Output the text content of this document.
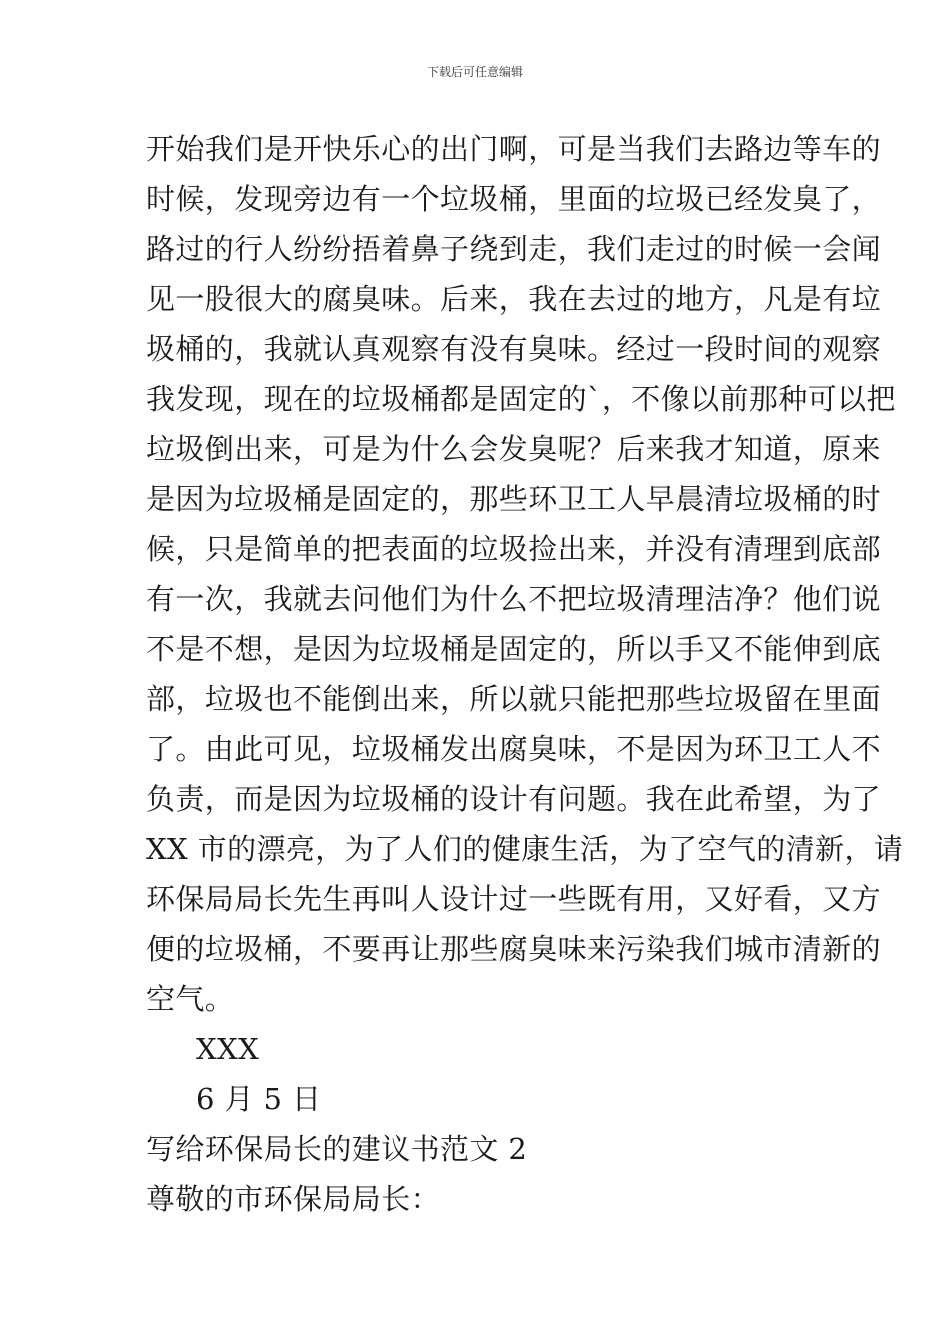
下载后可任意编辑
开始我们是开快乐心的出门啊，可是当我们去路边等车的
时候，发现旁边有一个垃圾桶，里面的垃圾已经发臭了，
路过的行人纷纷捂着鼻子绕到走，我们走过的时候一会闻
见一股很大的腐臭味。后来，我在去过的地方，凡是有垃
圾桶的，我就认真观察有没有臭味。经过一段时间的观察
我发现，现在的垃圾桶都是固定的`，不像以前那种可以把
垃圾倒出来，可是为什么会发臭呢？后来我才知道，原来
是因为垃圾桶是固定的，那些环卫工人早晨清垃圾桶的时
候，只是简单的把表面的垃圾捡出来，并没有清理到底部
有一次，我就去问他们为什么不把垃圾清理洁净？他们说
不是不想，是因为垃圾桶是固定的，所以手又不能伸到底
部，垃圾也不能倒出来，所以就只能把那些垃圾留在里面
了。由此可见，垃圾桶发出腐臭味，不是因为环卫工人不
负责，而是因为垃圾桶的设计有问题。我在此希望，为了
XX 市的漂亮，为了人们的健康生活，为了空气的清新，请
环保局局长先生再叫人设计过一些既有用，又好看，又方
便的垃圾桶，不要再让那些腐臭味来污染我们城市清新的
空气。
XXX
6 月 5 日
写给环保局长的建议书范文 2
尊敬的市环保局局长：
